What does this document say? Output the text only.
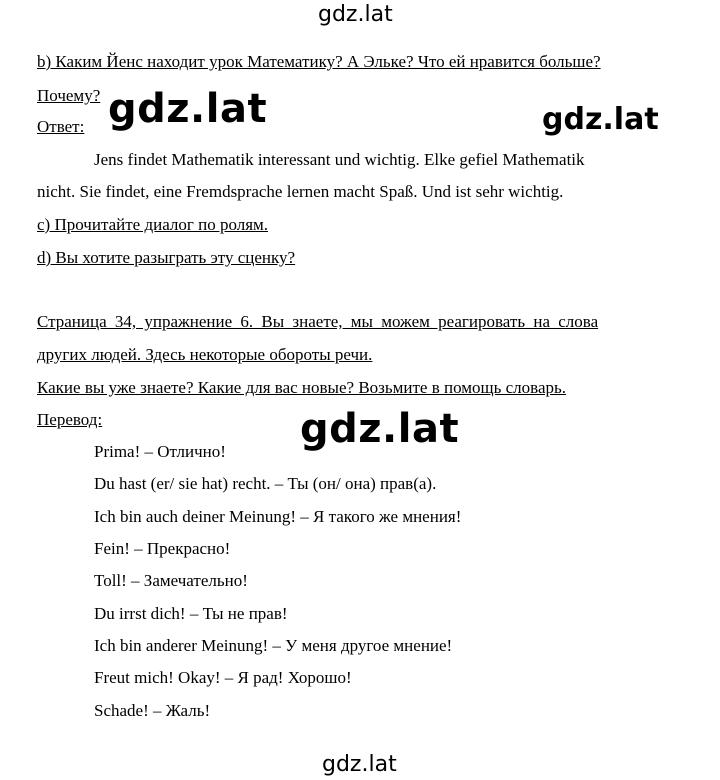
gdz.lat
gdz.lat	gdz.lat
gdz.lat
gdz.lat
b) Каким Йенс находит урок Математику? А Эльке? Что ей нравится больше?
Почему?
Ответ:
Jens findet Mathematik interessant und wichtig. Elke gefiel Mathematik
nicht. Sie findet, eine Fremdsprache lernen macht Spaß. Und ist sehr wichtig.
c) Прочитайте диалог по ролям.
d) Вы хотите разыграть эту сценку?
Страница 34, упражнение 6. Вы знаете, мы можем реагировать на слова
других людей. Здесь некоторые обороты речи.
Какие вы уже знаете? Какие для вас новые? Возьмите в помощь словарь.
Перевод:
Prima! – Отлично!
Du hast (er/ sie hat) recht. – Ты (он/ она) прав(а).
Ich bin auch deiner Meinung! – Я такого же мнения!
Fein! – Прекрасно!
Toll! – Замечательно!
Du irrst dich! – Ты не прав!
Ich bin anderer Meinung! – У меня другое мнение!
Freut mich! Okay! – Я рад! Хорошо!
Schade! – Жаль!
